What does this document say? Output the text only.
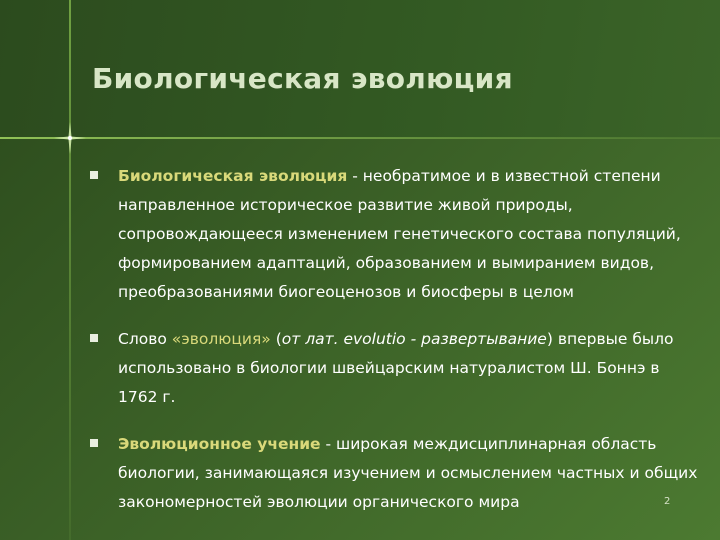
Биологическая эволюция
Биологическая эволюция - необратимое и в известной степени направленное историческое развитие живой природы, сопровождающееся изменением генетического состава популяций, формированием адаптаций, образованием и вымиранием видов, преобразованиями биогеоценозов и биосферы в целом
Слово «эволюция» (от лат. evolutio - развертывание) впервые было использовано в биологии швейцарским натуралистом Ш. Боннэ в 1762 г.
Эволюционное учение - широкая междисциплинарная область биологии, занимающаяся изучением и осмыслением частных и общих закономерностей эволюции органического мира	2
